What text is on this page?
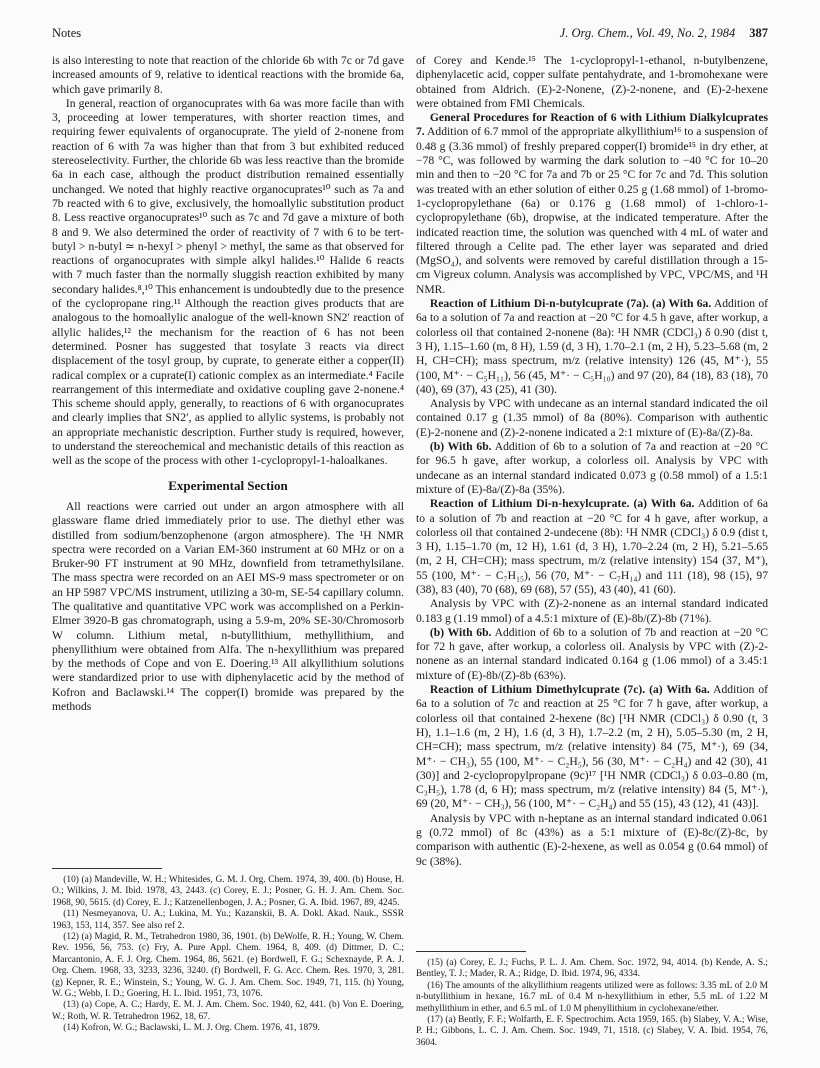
Notes	J. Org. Chem., Vol. 49, No. 2, 1984 387

is also interesting to note that reaction of the chloride 6b with 7c or 7d gave increased amounts of 9, relative to identical reactions with the bromide 6a, which gave primarily 8.

In general, reaction of organocuprates with 6a was more facile than with 3, proceeding at lower temperatures, with shorter reaction times, and requiring fewer equivalents of organocuprate. The yield of 2-nonene from reaction of 6 with 7a was higher than that from 3 but exhibited reduced stereoselectivity. Further, the chloride 6b was less reactive than the bromide 6a in each case, although the product distribution remained essentially unchanged. We noted that highly reactive organocuprates¹⁰ such as 7a and 7b reacted with 6 to give, exclusively, the homoallylic substitution product 8. Less reactive organocuprates¹⁰ such as 7c and 7d gave a mixture of both 8 and 9. We also determined the order of reactivity of 7 with 6 to be tert-butyl > n-butyl ≃ n-hexyl > phenyl > methyl, the same as that observed for reactions of organocuprates with simple alkyl halides.¹⁰ Halide 6 reacts with 7 much faster than the normally sluggish reaction exhibited by many secondary halides.⁸,¹⁰ This enhancement is undoubtedly due to the presence of the cyclopropane ring.¹¹ Although the reaction gives products that are analogous to the homoallylic analogue of the well-known SN2′ reaction of allylic halides,¹² the mechanism for the reaction of 6 has not been determined. Posner has suggested that tosylate 3 reacts via direct displacement of the tosyl group, by cuprate, to generate either a copper(II) radical complex or a cuprate(I) cationic complex as an intermediate.⁴ Facile rearrangement of this intermediate and oxidative coupling gave 2-nonene.⁴ This scheme should apply, generally, to reactions of 6 with organocuprates and clearly implies that SN2′, as applied to allylic systems, is probably not an appropriate mechanistic description. Further study is required, however, to understand the stereochemical and mechanistic details of this reaction as well as the scope of the process with other 1-cyclopropyl-1-haloalkanes.

Experimental Section

All reactions were carried out under an argon atmosphere with all glassware flame dried immediately prior to use. The diethyl ether was distilled from sodium/benzophenone (argon atmosphere). The ¹H NMR spectra were recorded on a Varian EM-360 instrument at 60 MHz or on a Bruker-90 FT instrument at 90 MHz, downfield from tetramethylsilane. The mass spectra were recorded on an AEI MS-9 mass spectrometer or on an HP 5987 VPC/MS instrument, utilizing a 30-m, SE-54 capillary column. The qualitative and quantitative VPC work was accomplished on a Perkin-Elmer 3920-B gas chromatograph, using a 5.9-m, 20% SE-30/Chromosorb W column. Lithium metal, n-butyllithium, methyllithium, and phenyllithium were obtained from Alfa. The n-hexyllithium was prepared by the methods of Cope and von E. Doering.¹³ All alkyllithium solutions were standardized prior to use with diphenylacetic acid by the method of Kofron and Baclawski.¹⁴ The copper(I) bromide was prepared by the methods

(10) (a) Mandeville, W. H.; Whitesides, G. M. J. Org. Chem. 1974, 39, 400. (b) House, H. O.; Wilkins, J. M. Ibid. 1978, 43, 2443. (c) Corey, E. J.; Posner, G. H. J. Am. Chem. Soc. 1968, 90, 5615. (d) Corey, E. J.; Katzenellenbogen, J. A.; Posner, G. A. Ibid. 1967, 89, 4245.

(11) Nesmeyanova, U. A.; Lukina, M. Yu.; Kazanskii, B. A. Dokl. Akad. Nauk., SSSR 1963, 153, 114, 357. See also ref 2.

(12) (a) Magid, R. M., Tetrahedron 1980, 36, 1901. (b) DeWolfe, R. H.; Young, W. Chem. Rev. 1956, 56, 753. (c) Fry, A. Pure Appl. Chem. 1964, 8, 409. (d) Dittmer, D. C.; Marcantonio, A. F. J. Org. Chem. 1964, 86, 5621. (e) Bordwell, F. G.; Schexnayde, P. A. J. Org. Chem. 1968, 33, 3233, 3236, 3240. (f) Bordwell, F. G. Acc. Chem. Res. 1970, 3, 281. (g) Kepner, R. E.; Winstein, S.; Young, W. G. J. Am. Chem. Soc. 1949, 71, 115. (h) Young, W. G.; Webb, I. D.; Goering, H. L. Ibid. 1951, 73, 1076.

(13) (a) Cope, A. C.; Hardy, E. M. J. Am. Chem. Soc. 1940, 62, 441. (b) Von E. Doering, W.; Roth, W. R. Tetrahedron 1962, 18, 67.

(14) Kofron, W. G.; Baclawski, L. M. J. Org. Chem. 1976, 41, 1879.

of Corey and Kende.¹⁵ The 1-cyclopropyl-1-ethanol, n-butylbenzene, diphenylacetic acid, copper sulfate pentahydrate, and 1-bromohexane were obtained from Aldrich. (E)-2-Nonene, (Z)-2-nonene, and (E)-2-hexene were obtained from FMI Chemicals.

General Procedures for Reaction of 6 with Lithium Dialkylcuprates 7. Addition of 6.7 mmol of the appropriate alkyllithium¹⁶ to a suspension of 0.48 g (3.36 mmol) of freshly prepared copper(I) bromide¹⁵ in dry ether, at −78 °C, was followed by warming the dark solution to −40 °C for 10–20 min and then to −20 °C for 7a and 7b or 25 °C for 7c and 7d. This solution was treated with an ether solution of either 0.25 g (1.68 mmol) of 1-bromo-1-cyclopropylethane (6a) or 0.176 g (1.68 mmol) of 1-chloro-1-cyclopropylethane (6b), dropwise, at the indicated temperature. After the indicated reaction time, the solution was quenched with 4 mL of water and filtered through a Celite pad. The ether layer was separated and dried (MgSO₄), and solvents were removed by careful distillation through a 15-cm Vigreux column. Analysis was accomplished by VPC, VPC/MS, and ¹H NMR.

Reaction of Lithium Di-n-butylcuprate (7a). (a) With 6a. Addition of 6a to a solution of 7a and reaction at −20 °C for 4.5 h gave, after workup, a colorless oil that contained 2-nonene (8a): ¹H NMR (CDCl₃) δ 0.90 (dist t, 3 H), 1.15–1.60 (m, 8 H), 1.59 (d, 3 H), 1.70–2.1 (m, 2 H), 5.23–5.68 (m, 2 H, CH=CH); mass spectrum, m/z (relative intensity) 126 (45, M⁺·), 55 (100, M⁺· − C₅H₁₁), 56 (45, M⁺· − C₅H₁₀) and 97 (20), 84 (18), 83 (18), 70 (40), 69 (37), 43 (25), 41 (30).

Analysis by VPC with undecane as an internal standard indicated the oil contained 0.17 g (1.35 mmol) of 8a (80%). Comparison with authentic (E)-2-nonene and (Z)-2-nonene indicated a 2:1 mixture of (E)-8a/(Z)-8a.

(b) With 6b. Addition of 6b to a solution of 7a and reaction at −20 °C for 96.5 h gave, after workup, a colorless oil. Analysis by VPC with undecane as an internal standard indicated 0.073 g (0.58 mmol) of a 1.5:1 mixture of (E)-8a/(Z)-8a (35%).

Reaction of Lithium Di-n-hexylcuprate. (a) With 6a. Addition of 6a to a solution of 7b and reaction at −20 °C for 4 h gave, after workup, a colorless oil that contained 2-undecene (8b): ¹H NMR (CDCl₃) δ 0.9 (dist t, 3 H), 1.15–1.70 (m, 12 H), 1.61 (d, 3 H), 1.70–2.24 (m, 2 H), 5.21–5.65 (m, 2 H, CH=CH); mass spectrum, m/z (relative intensity) 154 (37, M⁺), 55 (100, M⁺· − C₇H₁₅), 56 (70, M⁺· − C₇H₁₄) and 111 (18), 98 (15), 97 (38), 83 (40), 70 (68), 69 (68), 57 (55), 43 (40), 41 (60).

Analysis by VPC with (Z)-2-nonene as an internal standard indicated 0.183 g (1.19 mmol) of a 4.5:1 mixture of (E)-8b/(Z)-8b (71%).

(b) With 6b. Addition of 6b to a solution of 7b and reaction at −20 °C for 72 h gave, after workup, a colorless oil. Analysis by VPC with (Z)-2-nonene as an internal standard indicated 0.164 g (1.06 mmol) of a 3.45:1 mixture of (E)-8b/(Z)-8b (63%).

Reaction of Lithium Dimethylcuprate (7c). (a) With 6a. Addition of 6a to a solution of 7c and reaction at 25 °C for 7 h gave, after workup, a colorless oil that contained 2-hexene (8c) [¹H NMR (CDCl₃) δ 0.90 (t, 3 H), 1.1–1.6 (m, 2 H), 1.6 (d, 3 H), 1.7–2.2 (m, 2 H), 5.05–5.30 (m, 2 H, CH=CH); mass spectrum, m/z (relative intensity) 84 (75, M⁺·), 69 (34, M⁺· − CH₃), 55 (100, M⁺· − C₂H₅), 56 (30, M⁺· − C₂H₄) and 42 (30), 41 (30)] and 2-cyclopropylpropane (9c)¹⁷ [¹H NMR (CDCl₃) δ 0.03–0.80 (m, C₃H₅), 1.78 (d, 6 H); mass spectrum, m/z (relative intensity) 84 (5, M⁺·), 69 (20, M⁺· − CH₃), 56 (100, M⁺· − C₂H₄) and 55 (15), 43 (12), 41 (43)].

Analysis by VPC with n-heptane as an internal standard indicated 0.061 g (0.72 mmol) of 8c (43%) as a 5:1 mixture of (E)-8c/(Z)-8c, by comparison with authentic (E)-2-hexene, as well as 0.054 g (0.64 mmol) of 9c (38%).

(15) (a) Corey, E. J.; Fuchs, P. L. J. Am. Chem. Soc. 1972, 94, 4014. (b) Kende, A. S.; Bentley, T. J.; Mader, R. A.; Ridge, D. Ibid. 1974, 96, 4334.

(16) The amounts of the alkyllithium reagents utilized were as follows: 3.35 mL of 2.0 M n-butyllithium in hexane, 16.7 mL of 0.4 M n-hexyllithium in ether, 5.5 mL of 1.22 M methyllithium in ether, and 6.5 mL of 1.0 M phenyllithium in cyclohexane/ether.

(17) (a) Bently, F. F.; Wolfarth, E. F. Spectrochim. Acta 1959, 165. (b) Slabey, V. A.; Wise, P. H.; Gibbons, L. C. J. Am. Chem. Soc. 1949, 71, 1518. (c) Slabey, V. A. Ibid. 1954, 76, 3604.
